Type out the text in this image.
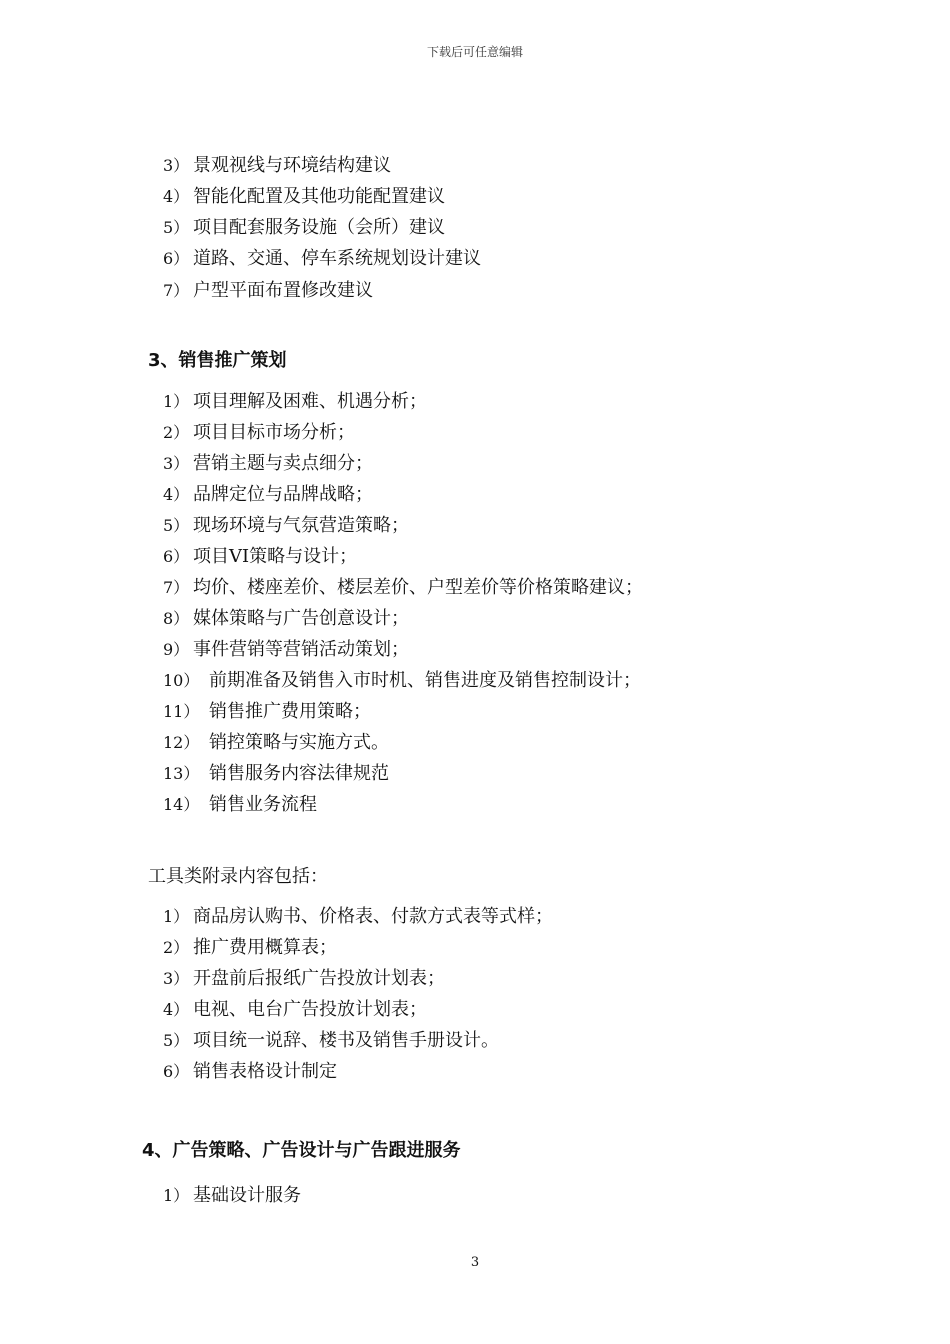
下载后可任意编辑
3） 景观视线与环境结构建议
4） 智能化配置及其他功能配置建议
5） 项目配套服务设施（会所）建议
6） 道路、交通、停车系统规划设计建议
7） 户型平面布置修改建议
3、销售推广策划
1） 项目理解及困难、机遇分析；
2） 项目目标市场分析；
3） 营销主题与卖点细分；
4） 品牌定位与品牌战略；
5） 现场环境与气氛营造策略；
6） 项目VI策略与设计；
7） 均价、楼座差价、楼层差价、户型差价等价格策略建议；
8） 媒体策略与广告创意设计；
9） 事件营销等营销活动策划；
10） 前期准备及销售入市时机、销售进度及销售控制设计；
11） 销售推广费用策略；
12） 销控策略与实施方式。
13） 销售服务内容法律规范
14） 销售业务流程
工具类附录内容包括：
1） 商品房认购书、价格表、付款方式表等式样；
2） 推广费用概算表；
3） 开盘前后报纸广告投放计划表；
4） 电视、电台广告投放计划表；
5） 项目统一说辞、楼书及销售手册设计。
6） 销售表格设计制定
4、广告策略、广告设计与广告跟进服务
1） 基础设计服务
3
